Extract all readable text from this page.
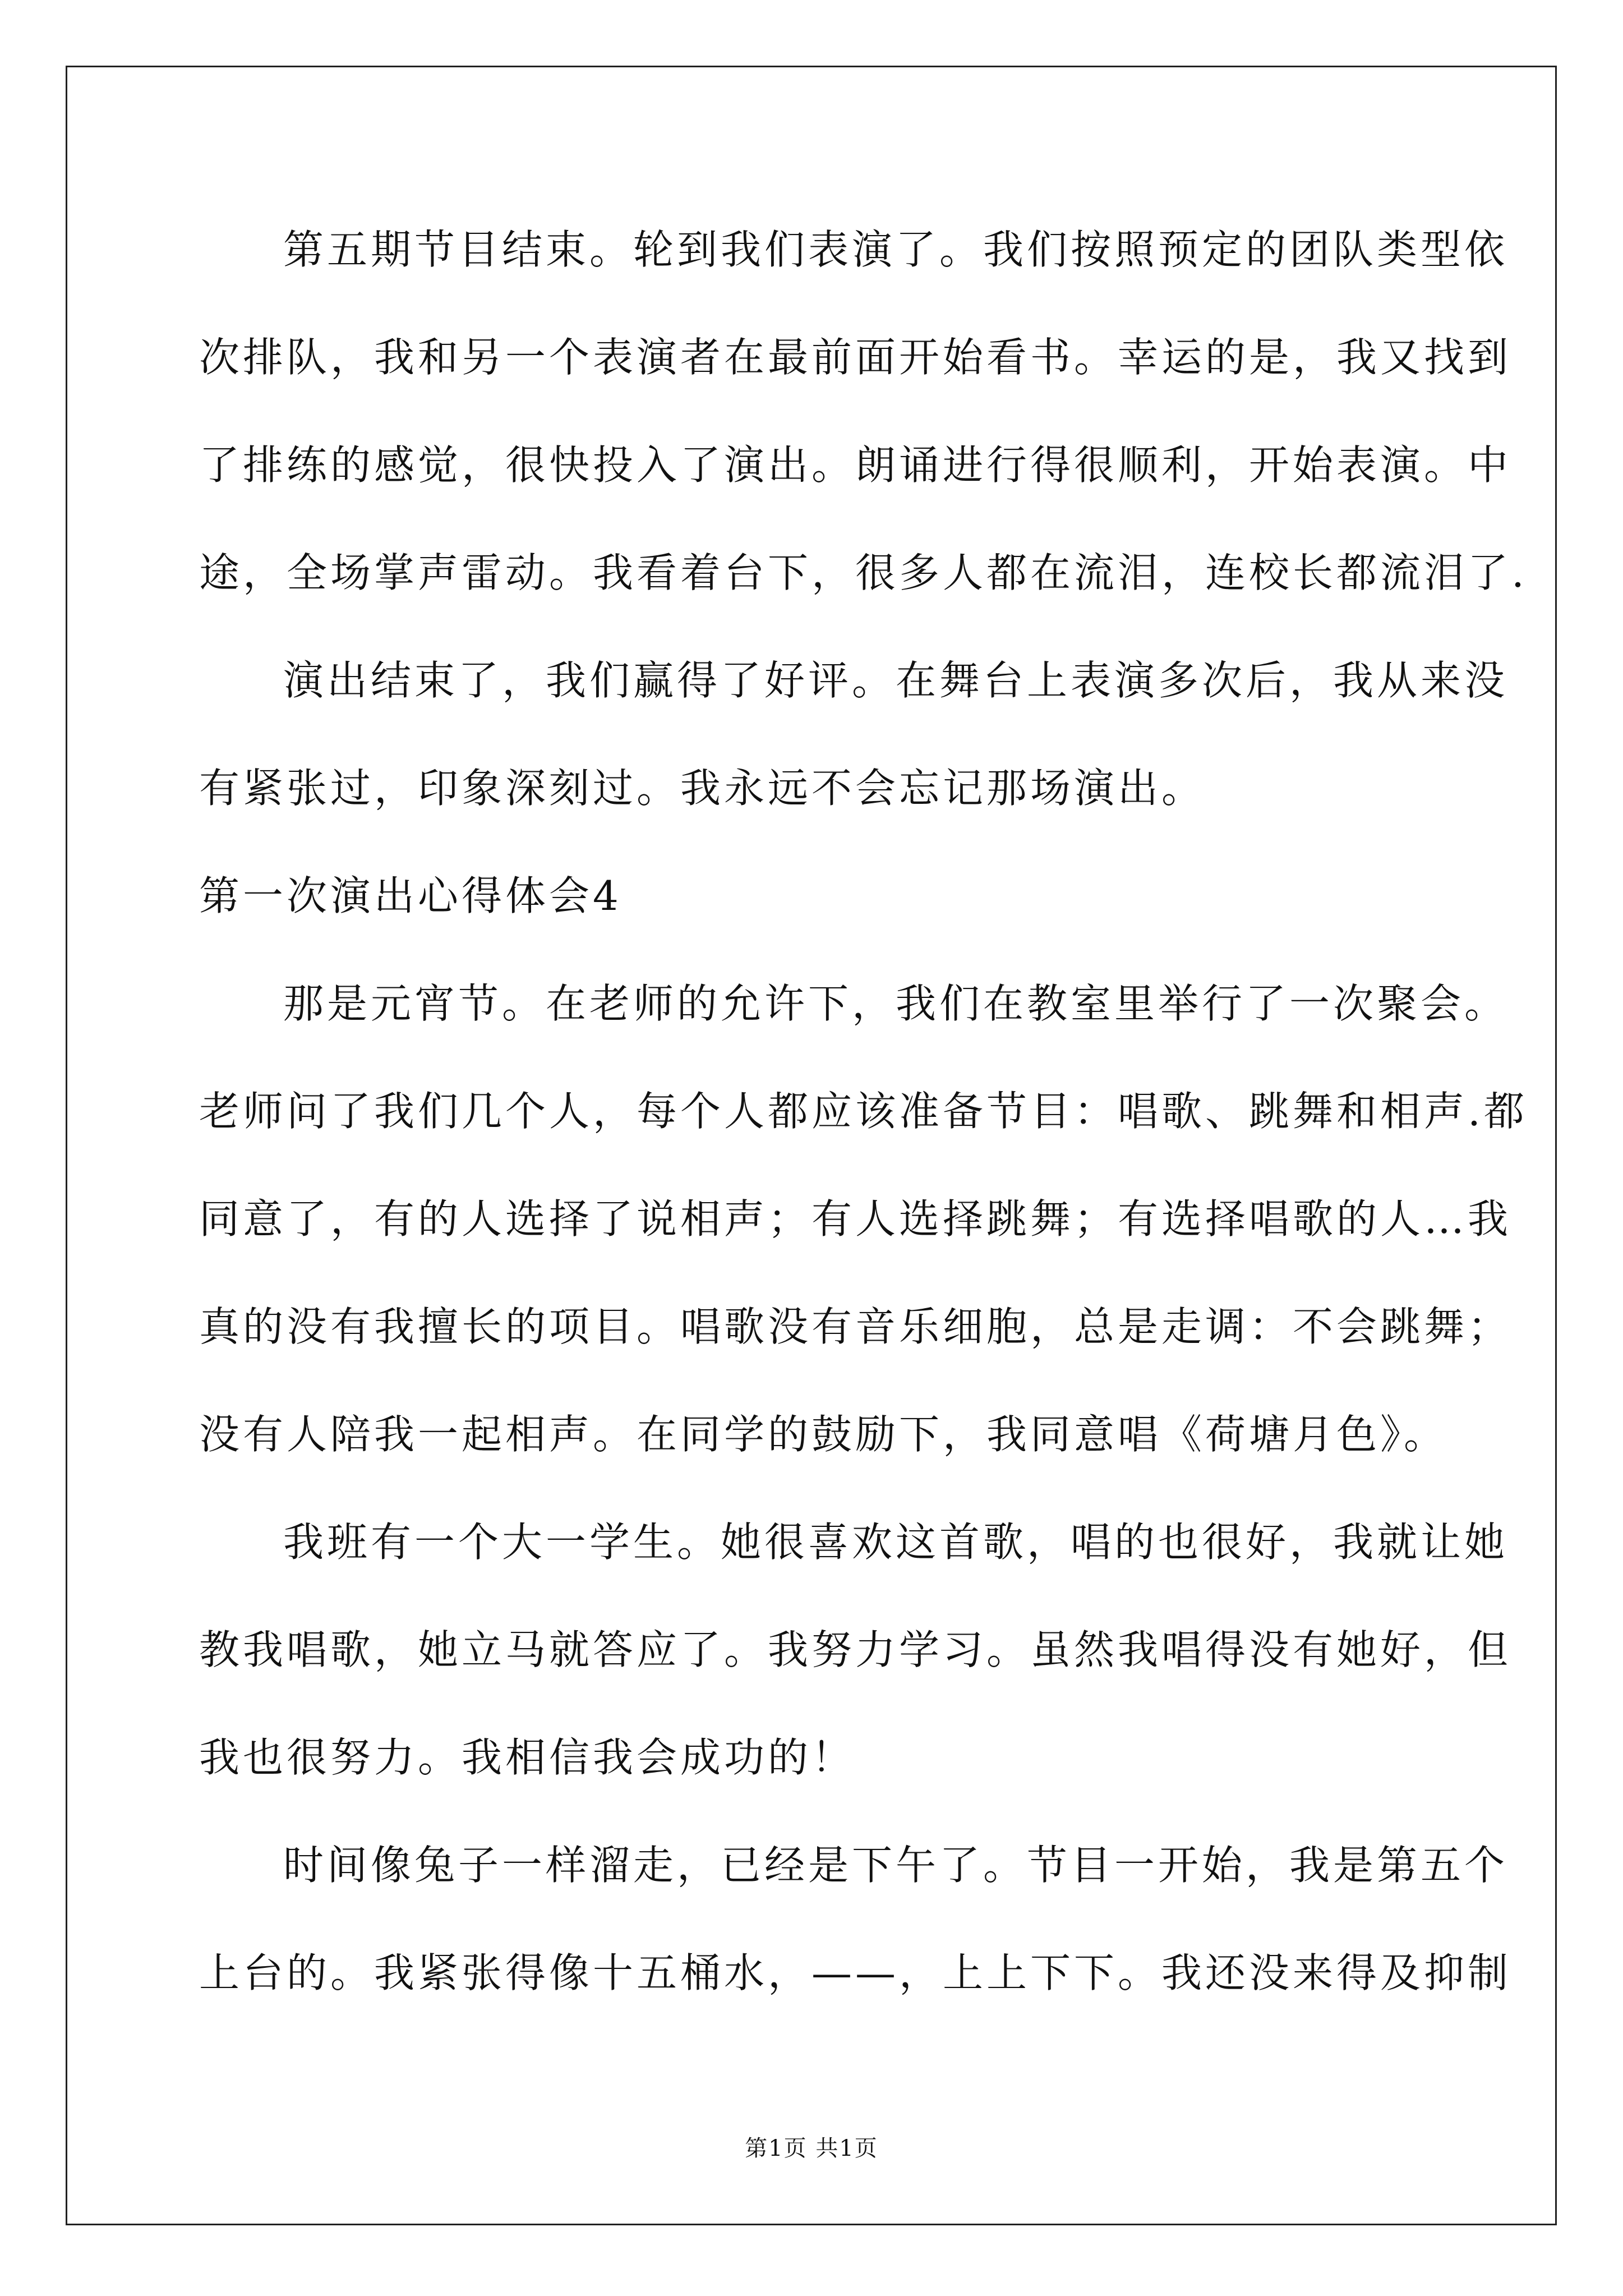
第五期节目结束。轮到我们表演了。我们按照预定的团队类型依
次排队，我和另一个表演者在最前面开始看书。幸运的是，我又找到
了排练的感觉，很快投入了演出。朗诵进行得很顺利，开始表演。中
途，全场掌声雷动。我看着台下，很多人都在流泪，连校长都流泪了.
演出结束了，我们赢得了好评。在舞台上表演多次后，我从来没
有紧张过，印象深刻过。我永远不会忘记那场演出。
第一次演出心得体会4
那是元宵节。在老师的允许下，我们在教室里举行了一次聚会。
老师问了我们几个人，每个人都应该准备节目：唱歌、跳舞和相声.都
同意了，有的人选择了说相声；有人选择跳舞；有选择唱歌的人…我
真的没有我擅长的项目。唱歌没有音乐细胞，总是走调：不会跳舞；
没有人陪我一起相声。在同学的鼓励下，我同意唱《荷塘月色》。
我班有一个大一学生。她很喜欢这首歌，唱的也很好，我就让她
教我唱歌，她立马就答应了。我努力学习。虽然我唱得没有她好，但
我也很努力。我相信我会成功的！
时间像兔子一样溜走，已经是下午了。节目一开始，我是第五个
上台的。我紧张得像十五桶水，——，上上下下。我还没来得及抑制
第1页 共1页
